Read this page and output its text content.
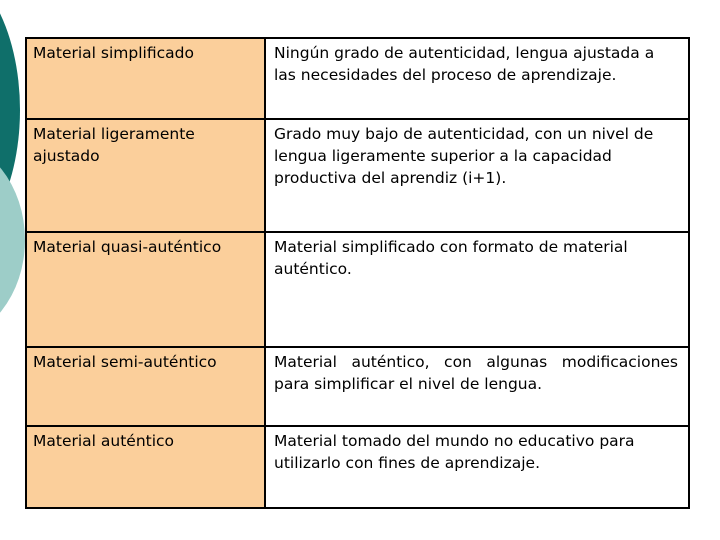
Material simplificado	Ningún grado de autenticidad, lengua ajustada a las necesidades del proceso de aprendizaje.
Material ligeramente ajustado	Grado muy bajo de autenticidad, con un nivel de lengua ligeramente superior a la capacidad productiva del aprendiz (i+1).
Material quasi-auténtico	Material simplificado con formato de material auténtico.
Material semi-auténtico	Material auténtico, con algunas modificaciones para simplificar el nivel de lengua.
Material auténtico	Material tomado del mundo no educativo para utilizarlo con fines de aprendizaje.
